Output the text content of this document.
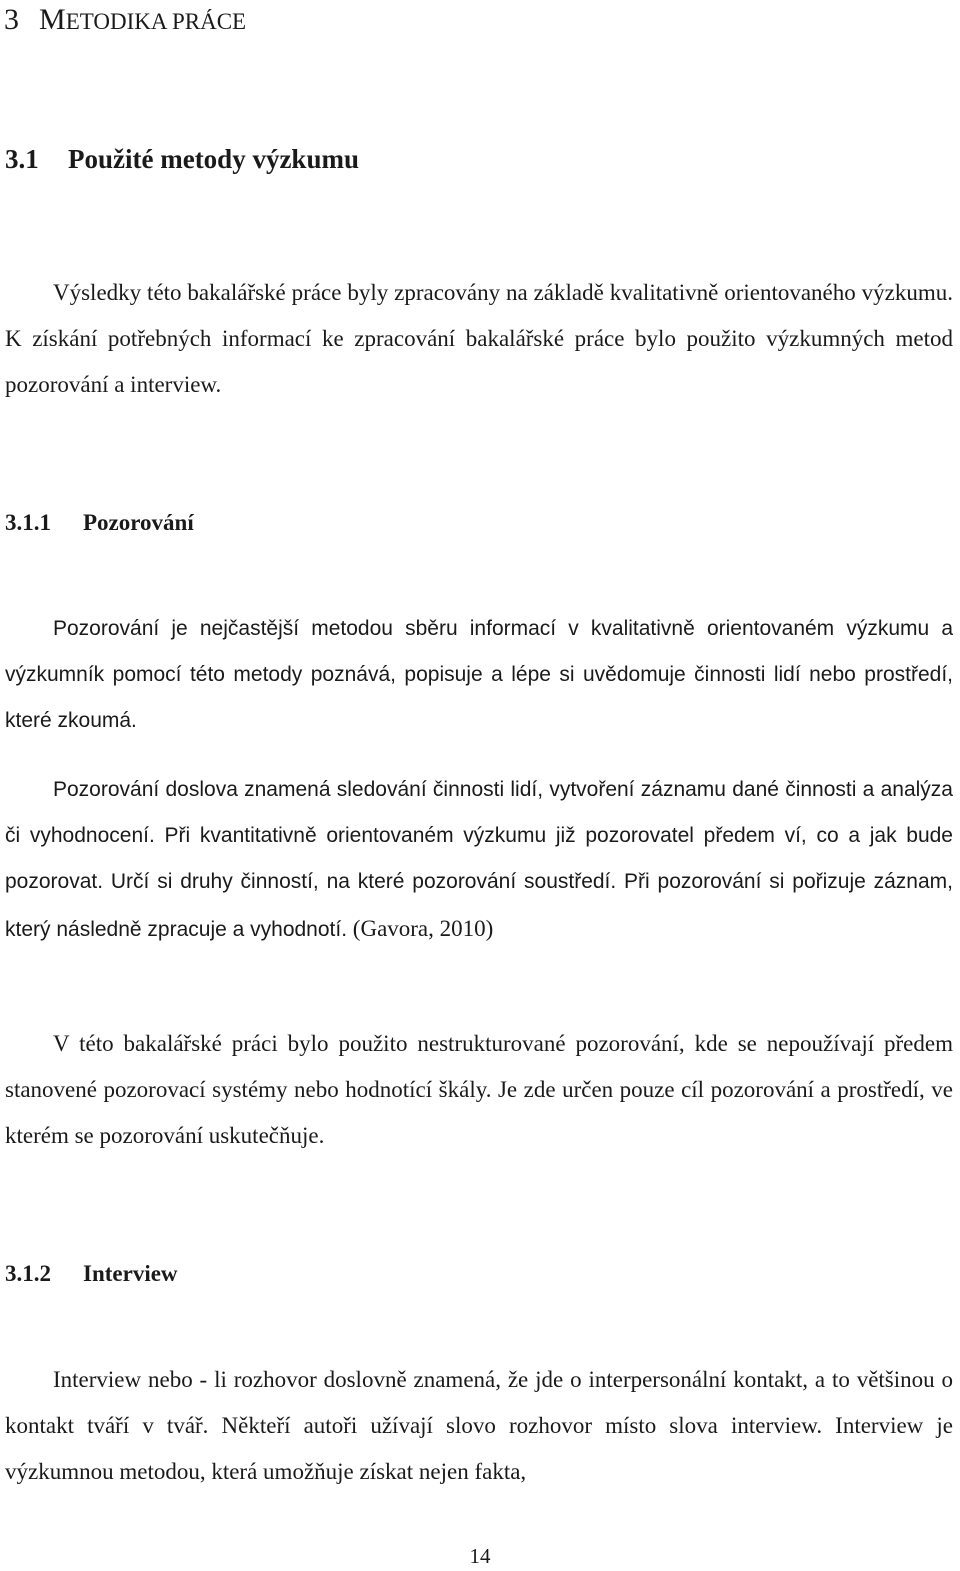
3 METODIKA PRÁCE
3.1 Použité metody výzkumu

Výsledky této bakalářské práce byly zpracovány na základě kvalitativně orientovaného výzkumu. K získání potřebných informací ke zpracování bakalářské práce bylo použito výzkumných metod pozorování a interview.

3.1.1 Pozorování

Pozorování je nejčastější metodou sběru informací v kvalitativně orientovaném výzkumu a výzkumník pomocí této metody poznává, popisuje a lépe si uvědomuje činnosti lidí nebo prostředí, které zkoumá.

Pozorování doslova znamená sledování činnosti lidí, vytvoření záznamu dané činnosti a analýza či vyhodnocení. Při kvantitativně orientovaném výzkumu již pozorovatel předem ví, co a jak bude pozorovat. Určí si druhy činností, na které pozorování soustředí. Při pozorování si pořizuje záznam, který následně zpracuje a vyhodnotí. (Gavora, 2010)

V této bakalářské práci bylo použito nestrukturované pozorování, kde se nepoužívají předem stanovené pozorovací systémy nebo hodnotící škály. Je zde určen pouze cíl pozorování a prostředí, ve kterém se pozorování uskutečňuje.

3.1.2 Interview

Interview nebo - li rozhovor doslovně znamená, že jde o interpersonální kontakt, a to většinou o kontakt tváří v tvář. Někteří autoři užívají slovo rozhovor místo slova interview. Interview je výzkumnou metodou, která umožňuje získat nejen fakta,

14
